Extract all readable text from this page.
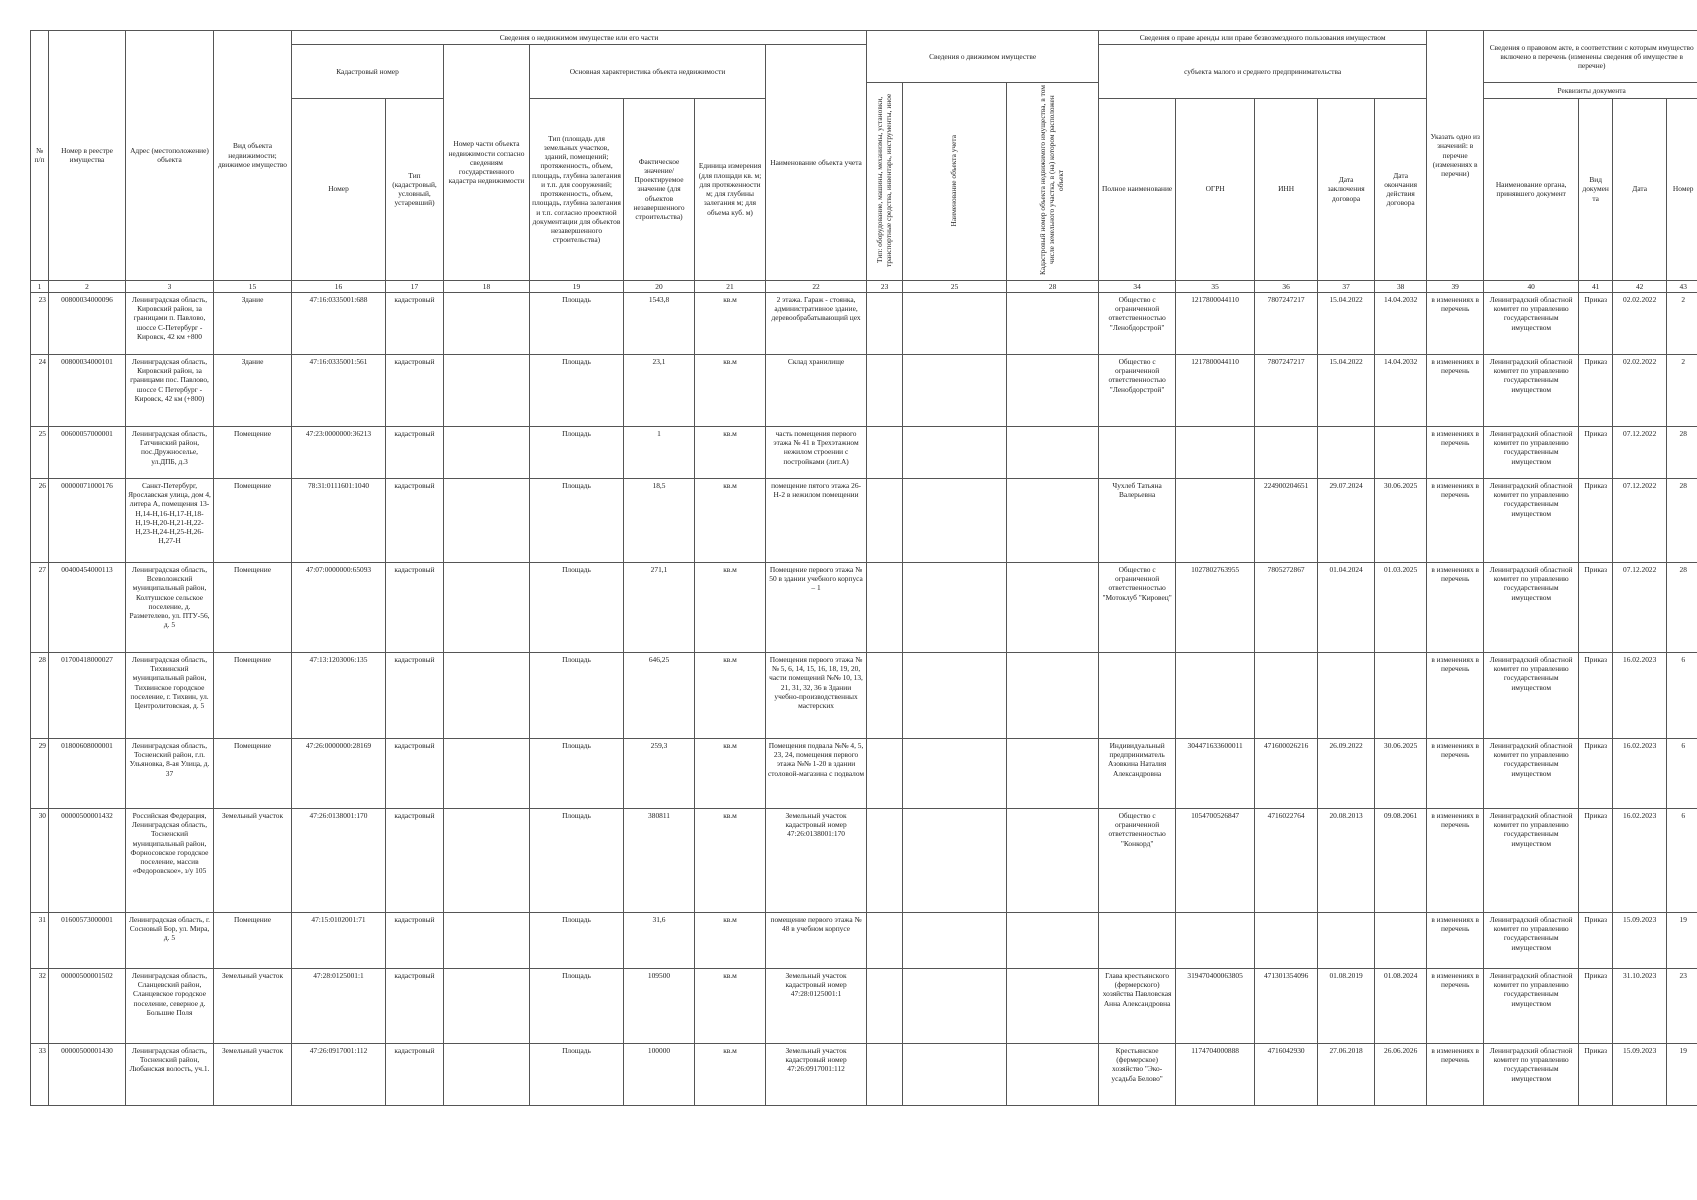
№ п/п	Номер в реестре имущества	Адрес (местоположение) объекта	Вид объекта недвижимости; движимое имущество	Сведения о недвижимом имуществе или его части							Сведения о движимом имуществе			Сведения о праве аренды или праве безвозмездного пользования имуществом					Указать одно из значений: в перечне (изменениях в перечни)	Сведения о правовом акте, в соответствии с которым имущество включено в перечень (изменены сведения об имуществе в перечне)			
				Кадастровый номер		Номер части объекта недвижимости согласно сведениям государственного кадастра недвижимости	Основная характеристика объекта недвижимости			Наименование объекта учета				субъекта малого и среднего предпринимательства									
											Тип: оборудование, машины, механизмы, установки, транспортные средства, инвентарь, инструменты, иное	Наименование объекта учета	Кадастровый номер объекта недвижимого имущества, в том числе земельного участка, в (на) котором расположен объект							Реквизиты документа			
				Номер	Тип (кадастровый, условный, устаревший)		Тип (площадь для земельных участков, зданий, помещений; протяженность, объем, площадь, глубина залегания и т.п. для сооружений; протяженность, объем, площадь, глубина залегания и т.п. согласно проектной документации для объектов незавершенного строительства)	Фактическое значение/ Проектируемое значение (для объектов незавершенного строительства)	Единица измерения (для площади кв. м; для протяженности м; для глубины залегания м; для объема куб. м)					Полное наименование	ОГРН	ИНН	Дата заключения договора	Дата окончания действия договора		Наименование органа, принявшего документ	Вид документа	Дата	Номер
1	2	3	15	16	17	18	19	20	21	22	23	25	28	34	35	36	37	38	39	40	41	42	43
23	00800034000096	Ленинградская область, Кировский район, за границами п. Павлово, шоссе С-Петербург - Кировск, 42 км +800	Здание	47:16:0335001:688	кадастровый		Площадь	1543,8	кв.м	2 этажа. Гараж - стоянка, административное здание, деревообрабатывающий цех				Общество с ограниченной ответственностью "Ленобдорстрой"	1217800044110	7807247217	15.04.2022	14.04.2032	в изменениях в перечень	Ленинградский областной комитет по управлению государственным имуществом	Приказ	02.02.2022	2
24	00800034000101	Ленинградская область, Кировский район, за границами пос. Павлово, шоссе С Петербург - Кировск, 42 км (+800)	Здание	47:16:0335001:561	кадастровый		Площадь	23,1	кв.м	Склад хранилище				Общество с ограниченной ответственностью "Ленобдорстрой"	1217800044110	7807247217	15.04.2022	14.04.2032	в изменениях в перечень	Ленинградский областной комитет по управлению государственным имуществом	Приказ	02.02.2022	2
25	00600057000001	Ленинградская область, Гатчинский район, пос.Дружноселье, ул.ДПБ, д.3	Помещение	47:23:0000000:36213	кадастровый		Площадь	1	кв.м	часть помещения первого этажа № 41 в Трехэтажном нежилом строении с постройками (лит.А)									в изменениях в перечень	Ленинградский областной комитет по управлению государственным имуществом	Приказ	07.12.2022	28
26	00000071000176	Санкт-Петербург, Ярославская улица, дом 4, литера А, помещения 13-Н,14-Н,16-Н,17-Н,18-Н,19-Н,20-Н,21-Н,22-Н,23-Н,24-Н,25-Н,26-Н,27-Н	Помещение	78:31:0111601:1040	кадастровый		Площадь	18,5	кв.м	помещение пятого этажа 26-Н-2 в нежилом помещении				Чухлеб Татьяна Валерьевна		224900204651	29.07.2024	30.06.2025	в изменениях в перечень	Ленинградский областной комитет по управлению государственным имуществом	Приказ	07.12.2022	28
27	00400454000113	Ленинградская область, Всеволожский муниципальный район, Колтушское сельское поселение, д. Разметелево, ул. ПТУ-56, д. 5	Помещение	47:07:0000000:65093	кадастровый		Площадь	271,1	кв.м	Помещение первого этажа № 50 в здании учебного корпуса – 1				Общество с ограниченной ответственностью "Мотоклуб "Кировец"	1027802763955	7805272867	01.04.2024	01.03.2025	в изменениях в перечень	Ленинградский областной комитет по управлению государственным имуществом	Приказ	07.12.2022	28
28	01700418000027	Ленинградская область, Тихвинский муниципальный район, Тихвинское городское поселение, г. Тихвин, ул. Центролитовская, д. 5	Помещение	47:13:1203006:135	кадастровый		Площадь	646,25	кв.м	Помещения первого этажа №№ 5, 6, 14, 15, 16, 18, 19, 20, части помещений №№ 10, 13, 21, 31, 32, 36 в Здании учебно-производственных мастерских									в изменениях в перечень	Ленинградский областной комитет по управлению государственным имуществом	Приказ	16.02.2023	6
29	01800608000001	Ленинградская область, Тосненский район, г.п. Ульяновка, 8-ая Улица, д. 37	Помещение	47:26:0000000:28169	кадастровый		Площадь	259,3	кв.м	Помещения подвала №№ 4, 5, 23, 24, помещения первого этажа №№ 1-20 в здании столовой-магазина с подвалом				Индивидуальный предприниматель Азовкина Наталия Александровна	304471633600011	471600026216	26.09.2022	30.06.2025	в изменениях в перечень	Ленинградский областной комитет по управлению государственным имуществом	Приказ	16.02.2023	6
30	00000500001432	Российская Федерация, Ленинградская область, Тосненский муниципальный район, Форносовское городское поселение, массив «Федоровское», з/у 105	Земельный участок	47:26:0138001:170	кадастровый		Площадь	380811	кв.м	Земельный участок кадастровый номер 47:26:0138001:170				Общество с ограниченной ответственностью "Конкорд"	1054700526847	4716022764	20.08.2013	09.08.2061	в изменениях в перечень	Ленинградский областной комитет по управлению государственным имуществом	Приказ	16.02.2023	6
31	01600573000001	Ленинградская область, г. Сосновый Бор, ул. Мира, д. 5	Помещение	47:15:0102001:71	кадастровый		Площадь	31,6	кв.м	помещение первого этажа № 48 в учебном корпусе									в изменениях в перечень	Ленинградский областной комитет по управлению государственным имуществом	Приказ	15.09.2023	19
32	00000500001502	Ленинградская область, Сланцевский район, Сланцевское городское поселение, северное д. Большие Поля	Земельный участок	47:28:0125001:1	кадастровый		Площадь	109500	кв.м	Земельный участок кадастровый номер 47:28:0125001:1				Глава крестьянского (фермерского) хозяйства Павловская Анна Александровна	319470400063805	471301354096	01.08.2019	01.08.2024	в изменениях в перечень	Ленинградский областной комитет по управлению государственным имуществом	Приказ	31.10.2023	23
33	00000500001430	Ленинградская область, Тосненский район, Любанская волость, уч.1.	Земельный участок	47:26:0917001:112	кадастровый		Площадь	100000	кв.м	Земельный участок кадастровый номер 47:26:0917001:112				Крестьянское (фермерское) хозяйство "Эко-усадьба Белово"	1174704000888	4716042930	27.06.2018	26.06.2026	в изменениях в перечень	Ленинградский областной комитет по управлению государственным имуществом	Приказ	15.09.2023	19
